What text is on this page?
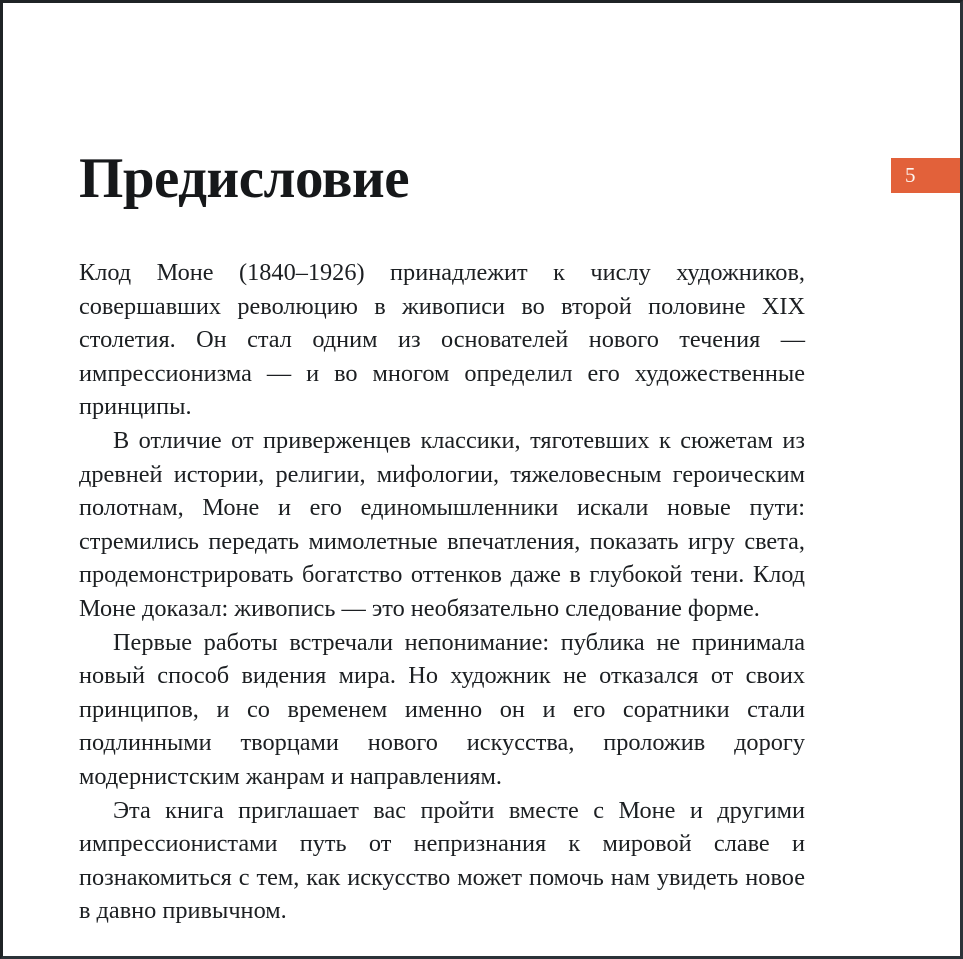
5
Предисловие

Клод Моне (1840–1926) принадлежит к числу художников, совершавших революцию в живописи во второй половине XIX столетия. Он стал одним из основателей нового течения — импрессионизма — и во многом определил его художественные принципы.

В отличие от приверженцев классики, тяготевших к сюжетам из древней истории, религии, мифологии, тяжеловесным героическим полотнам, Моне и его единомышленники искали новые пути: стремились передать мимолетные впечатления, показать игру света, продемонстрировать богатство оттенков даже в глубокой тени. Клод Моне доказал: живопись — это необязательно следование форме.

Первые работы встречали непонимание: публика не принимала новый способ видения мира. Но художник не отказался от своих принципов, и со временем именно он и его соратники стали подлинными творцами нового искусства, проложив дорогу модернистским жанрам и направлениям.

Эта книга приглашает вас пройти вместе с Моне и другими импрессионистами путь от непризнания к мировой славе и познакомиться с тем, как искусство может помочь нам увидеть новое в давно привычном.
